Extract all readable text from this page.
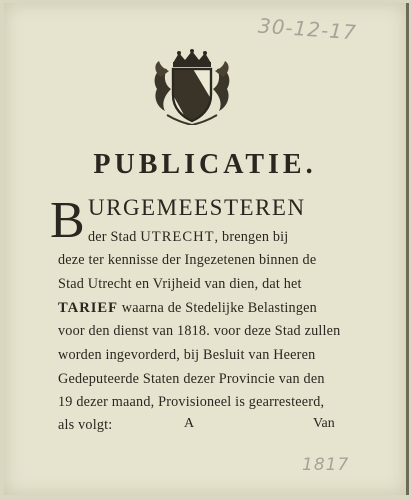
30-12-17
PUBLICATIE.
B URGEMEESTEREN
der Stad UTRECHT, brengen bij
deze ter kennisse der Ingezetenen binnen de
Stad Utrecht en Vrijheid van dien, dat het
TARIEF waarna de Stedelijke Belastingen
voor den dienst van 1818. voor deze Stad zullen
worden ingevorderd, bij Besluit van Heeren
Gedeputeerde Staten dezer Provincie van den
19 dezer maand, Provisioneel is gearresteerd,
als volgt:	A	Van
1817
